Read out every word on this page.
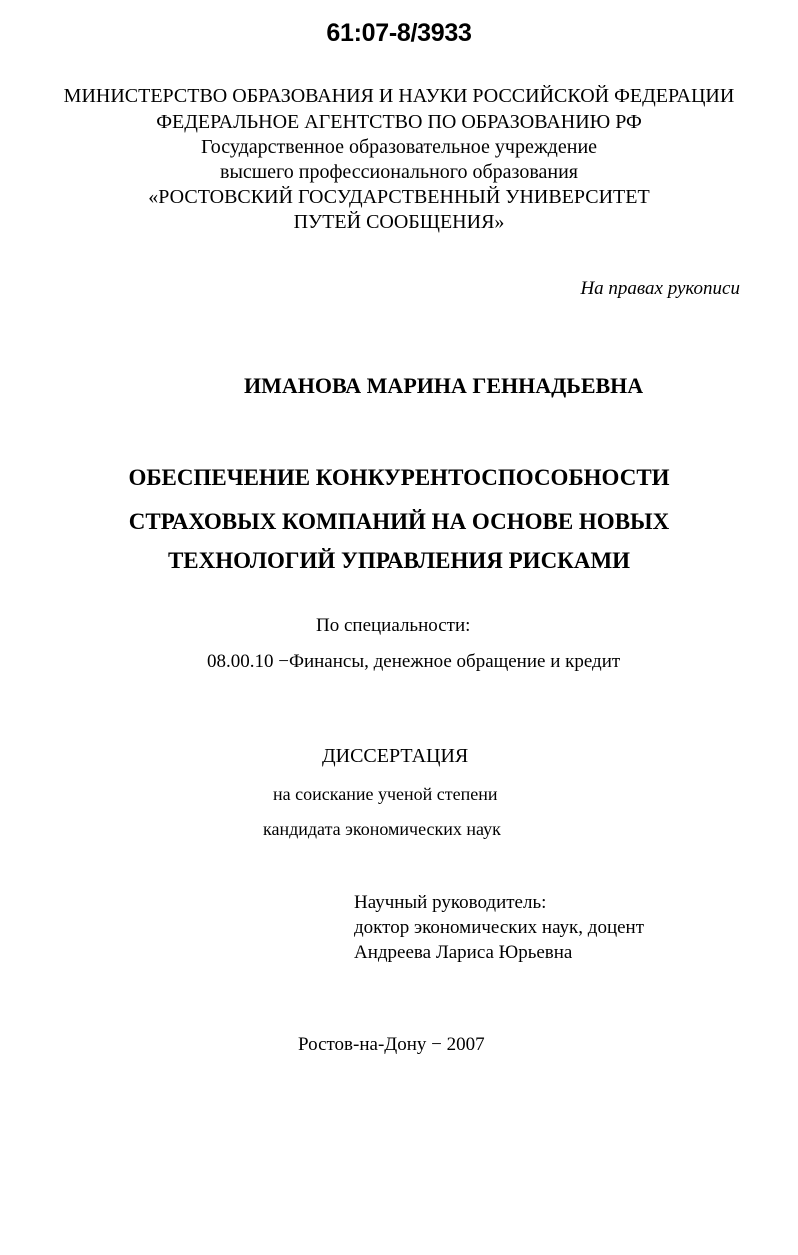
61:07-8/3933
МИНИСТЕРСТВО ОБРАЗОВАНИЯ И НАУКИ РОССИЙСКОЙ ФЕДЕРАЦИИ
ФЕДЕРАЛЬНОЕ АГЕНТСТВО ПО ОБРАЗОВАНИЮ РФ
Государственное образовательное учреждение
высшего профессионального образования
«РОСТОВСКИЙ ГОСУДАРСТВЕННЫЙ УНИВЕРСИТЕТ
ПУТЕЙ СООБЩЕНИЯ»
На правах рукописи
ИМАНОВА МАРИНА ГЕННАДЬЕВНА
ОБЕСПЕЧЕНИЕ КОНКУРЕНТОСПОСОБНОСТИ
СТРАХОВЫХ КОМПАНИЙ НА ОСНОВЕ НОВЫХ
ТЕХНОЛОГИЙ УПРАВЛЕНИЯ РИСКАМИ
По специальности:
08.00.10 −Финансы, денежное обращение и кредит
ДИССЕРТАЦИЯ
на соискание ученой степени
кандидата экономических наук
Научный руководитель:
доктор экономических наук, доцент
Андреева Лариса Юрьевна
Ростов-на-Дону − 2007
